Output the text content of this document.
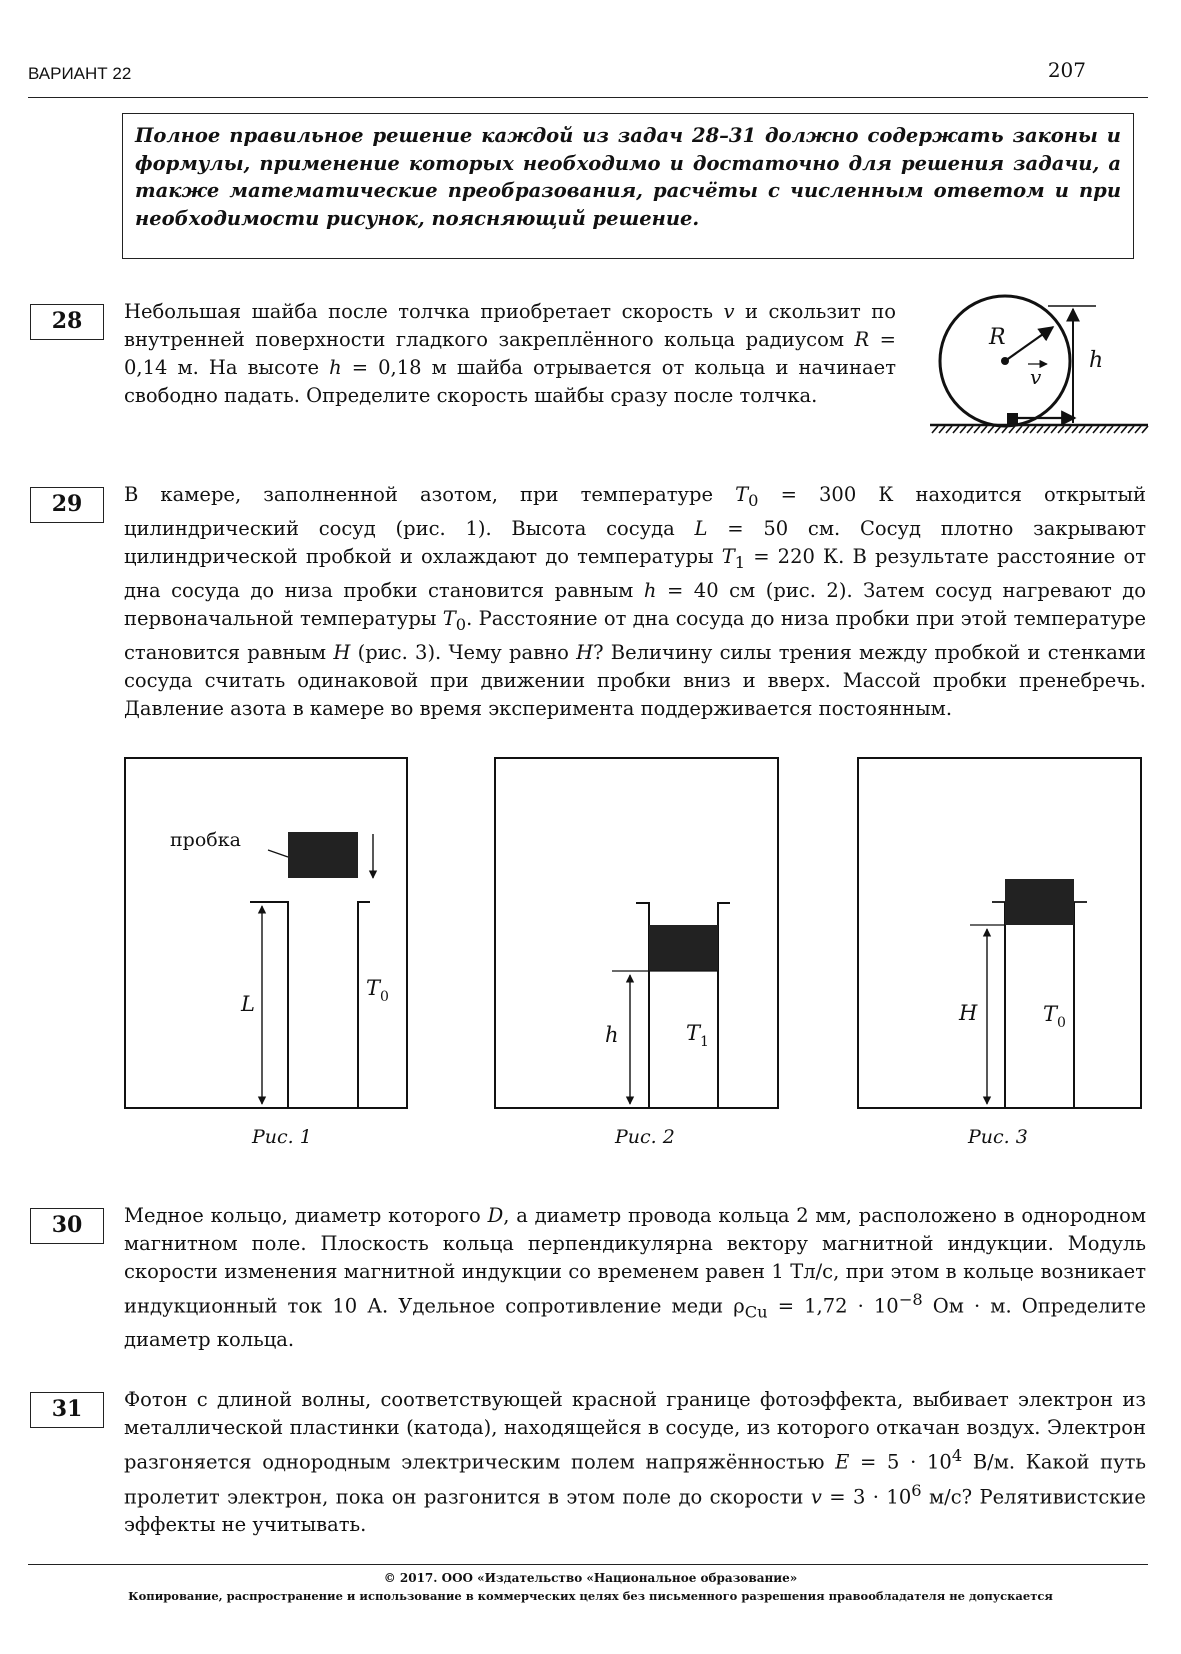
ВАРИАНТ 22	207
Полное правильное решение каждой из задач 28–31 должно содержать законы и формулы, применение которых необходимо и достаточно для решения задачи, а также математические преобразования, расчёты с численным ответом и при необходимости рисунок, поясняющий решение.
28	Небольшая шайба после толчка приобретает скорость v и скользит по внутренней поверхности гладкого закреплённого кольца радиусом R = 0,14 м. На высоте h = 0,18 м шайба отрывается от кольца и начинает свободно падать. Определите скорость шайбы сразу после толчка.
R
v
h
29	В камере, заполненной азотом, при температуре $T_0 = 300$ К находится открытый цилиндрический сосуд (рис. 1). Высота сосуда L = 50 см. Сосуд плотно закрывают цилиндрической пробкой и охлаждают до температуры $T_1 = 220$ К. В результате расстояние от дна сосуда до низа пробки становится равным h = 40 см (рис. 2). Затем сосуд нагревают до первоначальной температуры $T_0$. Расстояние от дна сосуда до низа пробки при этой температуре становится равным H (рис. 3). Чему равно H? Величину силы трения между пробкой и стенками сосуда считать одинаковой при движении пробки вниз и вверх. Массой пробки пренебречь. Давление азота в камере во время эксперимента поддерживается постоянным.
пробка
L
$T_0$
h	$T_1$
H	$T_0$
Рис. 1	Рис. 2	Рис. 3
30	Медное кольцо, диаметр которого D, а диаметр провода кольца 2 мм, расположено в однородном магнитном поле. Плоскость кольца перпендикулярна вектору магнитной индукции. Модуль скорости изменения магнитной индукции со временем равен 1 Тл/с, при этом в кольце возникает индукционный ток 10 А. Удельное сопротивление меди $\rho_{Cu} = 1,72 \cdot 10^{-8}$ Ом · м. Определите диаметр кольца.
31	Фотон с длиной волны, соответствующей красной границе фотоэффекта, выбивает электрон из металлической пластинки (катода), находящейся в сосуде, из которого откачан воздух. Электрон разгоняется однородным электрическим полем напряжённостью $E = 5 \cdot 10^4$ В/м. Какой путь пролетит электрон, пока он разгонится в этом поле до скорости $v = 3 \cdot 10^6$ м/с? Релятивистские эффекты не учитывать.
© 2017. ООО «Издательство «Национальное образование»
Копирование, распространение и использование в коммерческих целях без письменного разрешения правообладателя не допускается
